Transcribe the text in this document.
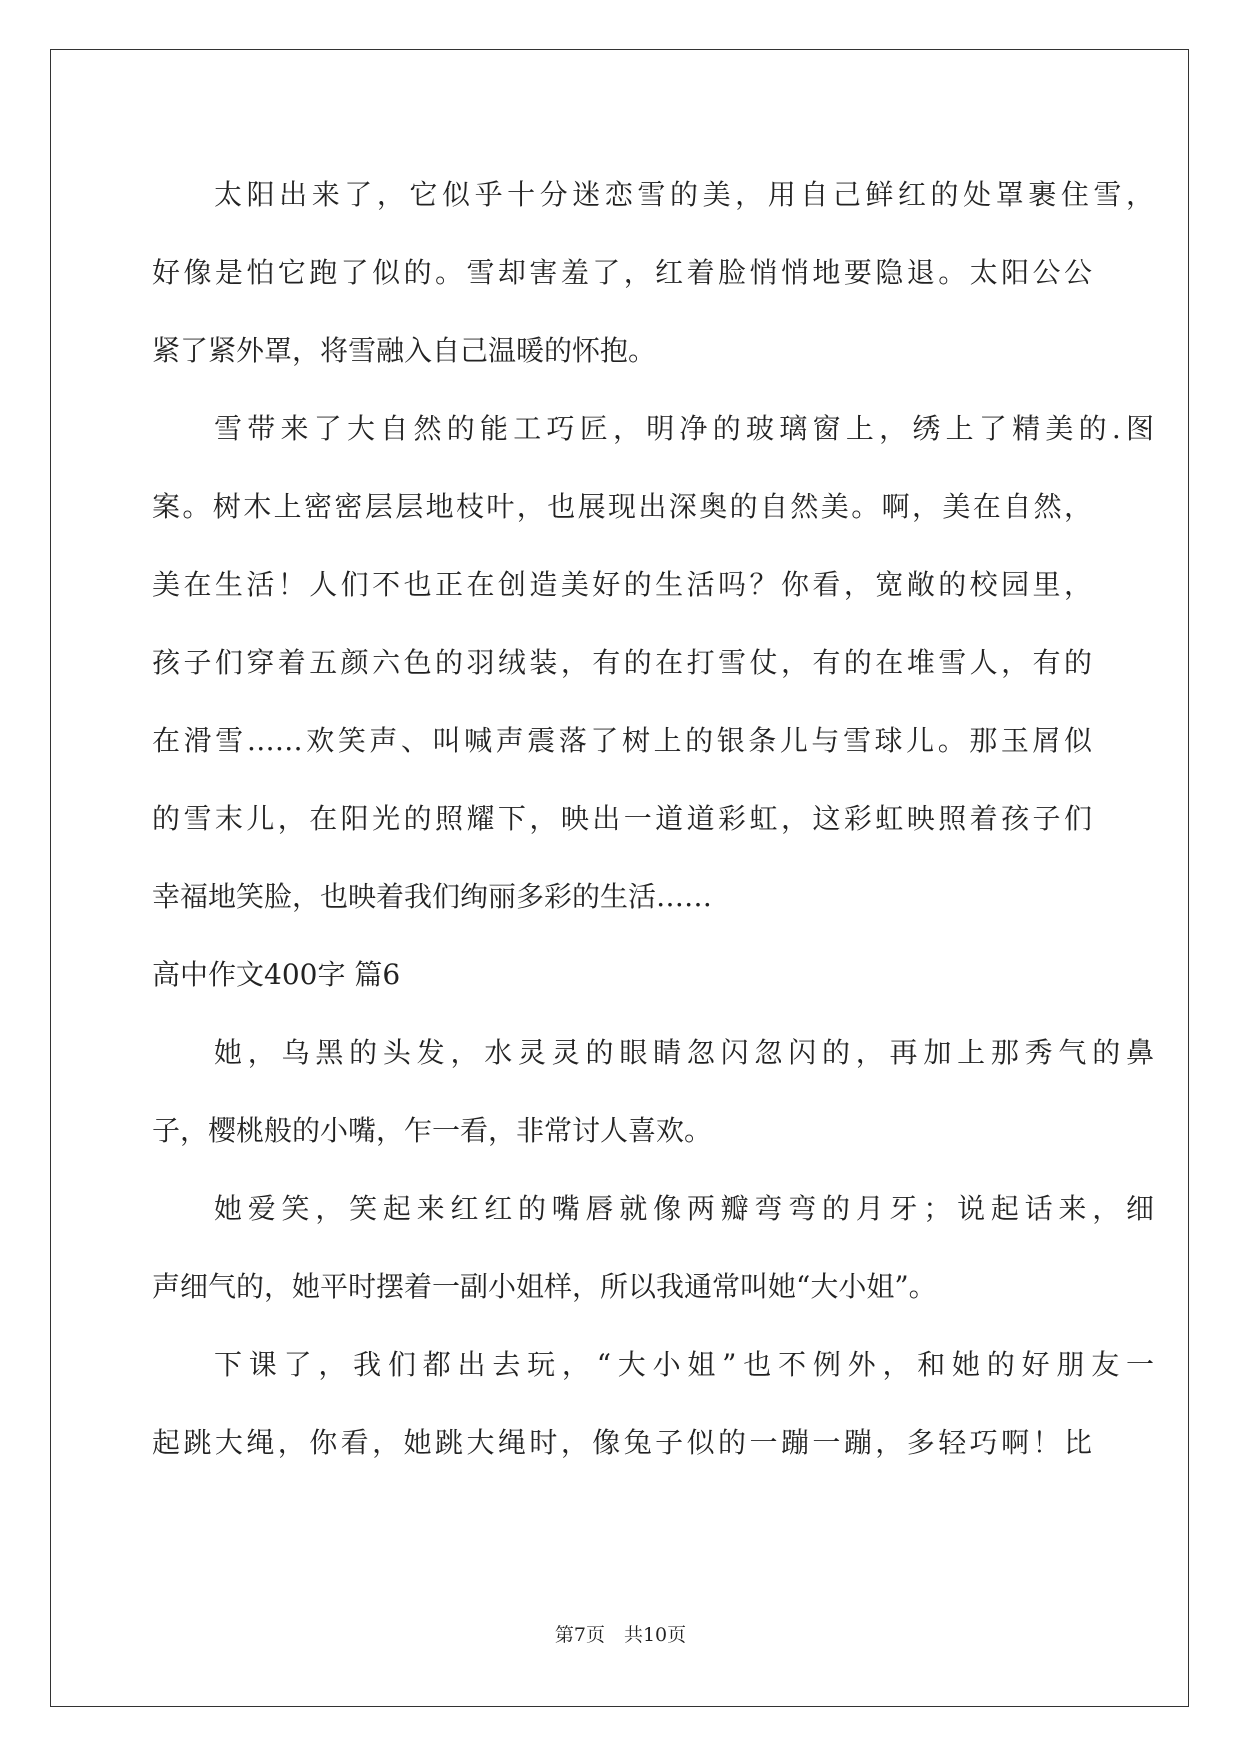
太阳出来了，它似乎十分迷恋雪的美，用自己鲜红的处罩裹住雪，
好像是怕它跑了似的。雪却害羞了，红着脸悄悄地要隐退。太阳公公
紧了紧外罩，将雪融入自己温暖的怀抱。
雪带来了大自然的能工巧匠，明净的玻璃窗上，绣上了精美的.图
案。树木上密密层层地枝叶，也展现出深奥的自然美。啊，美在自然，
美在生活！人们不也正在创造美好的生活吗？你看，宽敞的校园里，
孩子们穿着五颜六色的羽绒装，有的在打雪仗，有的在堆雪人，有的
在滑雪……欢笑声、叫喊声震落了树上的银条儿与雪球儿。那玉屑似
的雪末儿，在阳光的照耀下，映出一道道彩虹，这彩虹映照着孩子们
幸福地笑脸，也映着我们绚丽多彩的生活……
高中作文400字 篇6
她，乌黑的头发，水灵灵的眼睛忽闪忽闪的，再加上那秀气的鼻
子，樱桃般的小嘴，乍一看，非常讨人喜欢。
她爱笑，笑起来红红的嘴唇就像两瓣弯弯的月牙；说起话来，细
声细气的，她平时摆着一副小姐样，所以我通常叫她“大小姐”。
下课了，我们都出去玩，“大小姐”也不例外，和她的好朋友一
起跳大绳，你看，她跳大绳时，像兔子似的一蹦一蹦，多轻巧啊！比
第7页　共10页
